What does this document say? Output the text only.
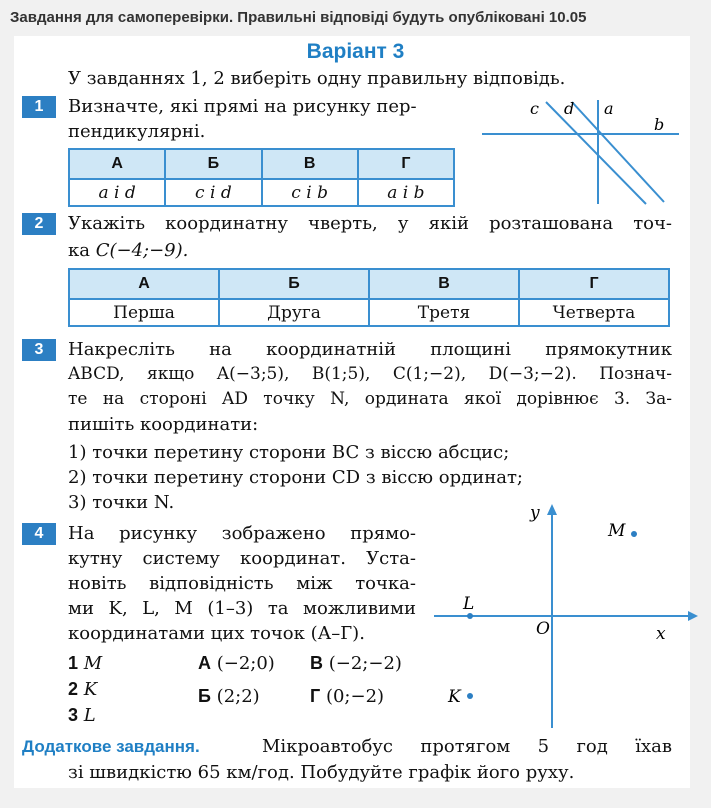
Завдання для самоперевірки. Правильні відповіді будуть опубліковані 10.05
Варіант 3
У завданнях 1, 2 виберіть одну правильну відповідь.
1	Визначте, які прямі на рисунку пер-
пендикулярні.
А	Б	В	Г
a і d	c і d	c і b	a і b
c d a
b
2	Укажіть координатну чверть, у якій розташована точ-
ка C(−4;−9).
А	Б	В	Г
Перша	Друга	Третя	Четверта
3	Накресліть на координатній площині прямокутник
ABCD, якщо A(−3;5), B(1;5), C(1;−2), D(−3;−2). Познач-
те на стороні AD точку N, ордината якої дорівнює 3. За-
пишіть координати:
1) точки перетину сторони BC з віссю абсцис;
2) точки перетину сторони CD з віссю ординат;
3) точки N.
4	На рисунку зображено прямо-
кутну систему координат. Уста-
новіть відповідність між точка-
ми K, L, M (1–3) та можливими
координатами цих точок (А–Г).
1 M
2 K
3 L
А (−2;0) В (−2;−2)
Б (2;2)	Г (0;−2)
y
x
O
M
L
K
Додаткове завдання.	Мікроавтобус протягом 5 год їхав
зі швидкістю 65 км/год. Побудуйте графік його руху.
